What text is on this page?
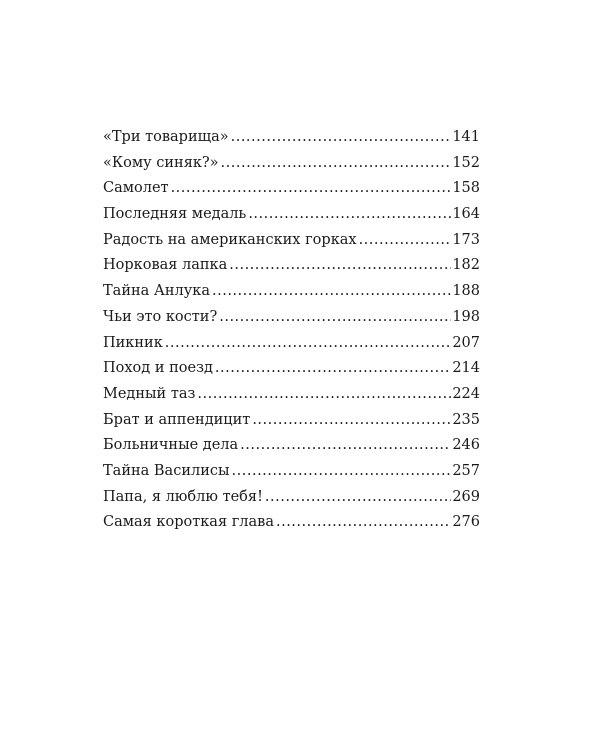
«Три товарища» .....	141
«Кому синяк?» .....	152
Самолет .....	158
Последняя медаль .....	164
Радость на американских горках .....	173
Норковая лапка .....	182
Тайна Анлука .....	188
Чьи это кости? .....	198
Пикник .....	207
Поход и поезд .....	214
Медный таз .....	224
Брат и аппендицит .....	235
Больничные дела .....	246
Тайна Василисы .....	257
Папа, я люблю тебя! .....	269
Самая короткая глава .....	276
